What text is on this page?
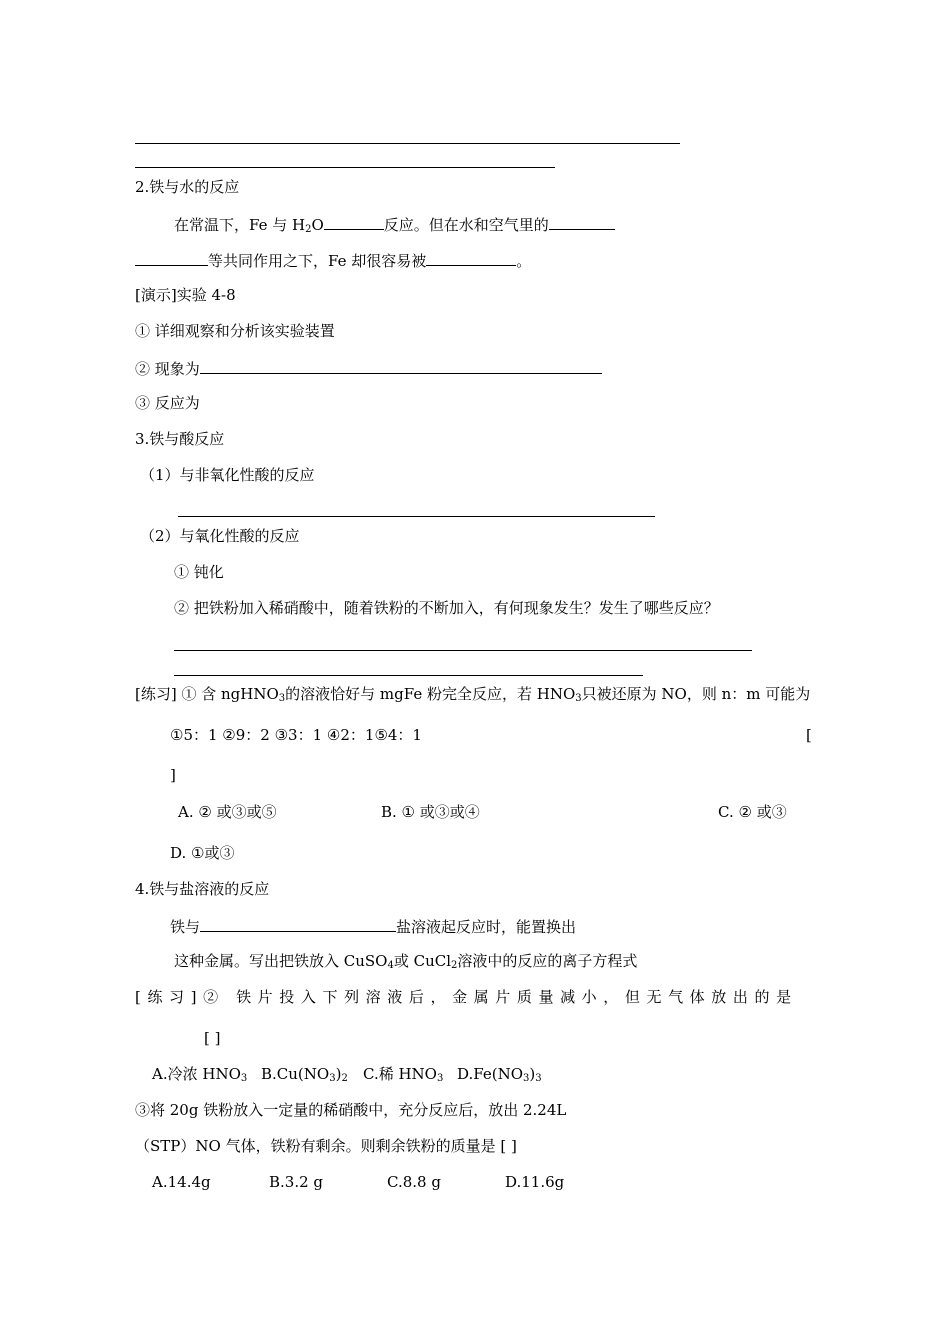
2.铁与水的反应
在常温下，Fe 与 $H_2O$	反应。但在水和空气里的
等共同作用之下，Fe 却很容易被	。
[演示]实验 4-8
① 详细观察和分析该实验装置
② 现象为
③ 反应为
3.铁与酸反应
（1）与非氧化性酸的反应
（2）与氧化性酸的反应
① 钝化
② 把铁粉加入稀硝酸中，随着铁粉的不断加入，有何现象发生？发生了哪些反应？
[练习] ① 含 ngHNO$_3$的溶液恰好与 mgFe 粉完全反应，若 $HNO_3$只被还原为 NO，则 n：m 可能为
①5：1 ②9：2 ③3：1 ④2：1⑤4：1	[
]
A. ② 或③或⑤	B. ① 或③或④	C. ② 或③
D. ①或③
4.铁与盐溶液的反应
铁与	盐溶液起反应时，能置换出
这种金属。写出把铁放入 CuSO$_4$或 CuCl$_2$溶液中的反应的离子方程式
[练习]② 铁片投入下列溶液后，金属片质量减小，但无气体放出的是
[ ]
A.冷浓 $HNO_3$ $B.Cu(NO_3)_2$ C.稀 $HNO_3$ $D.Fe(NO_3)_3$
③将 20g 铁粉放入一定量的稀硝酸中，充分反应后，放出 2.24L
（STP）NO 气体，铁粉有剩余。则剩余铁粉的质量是 [ ]
A.14.4g	B.3.2 g	C.8.8 g	D.11.6g
